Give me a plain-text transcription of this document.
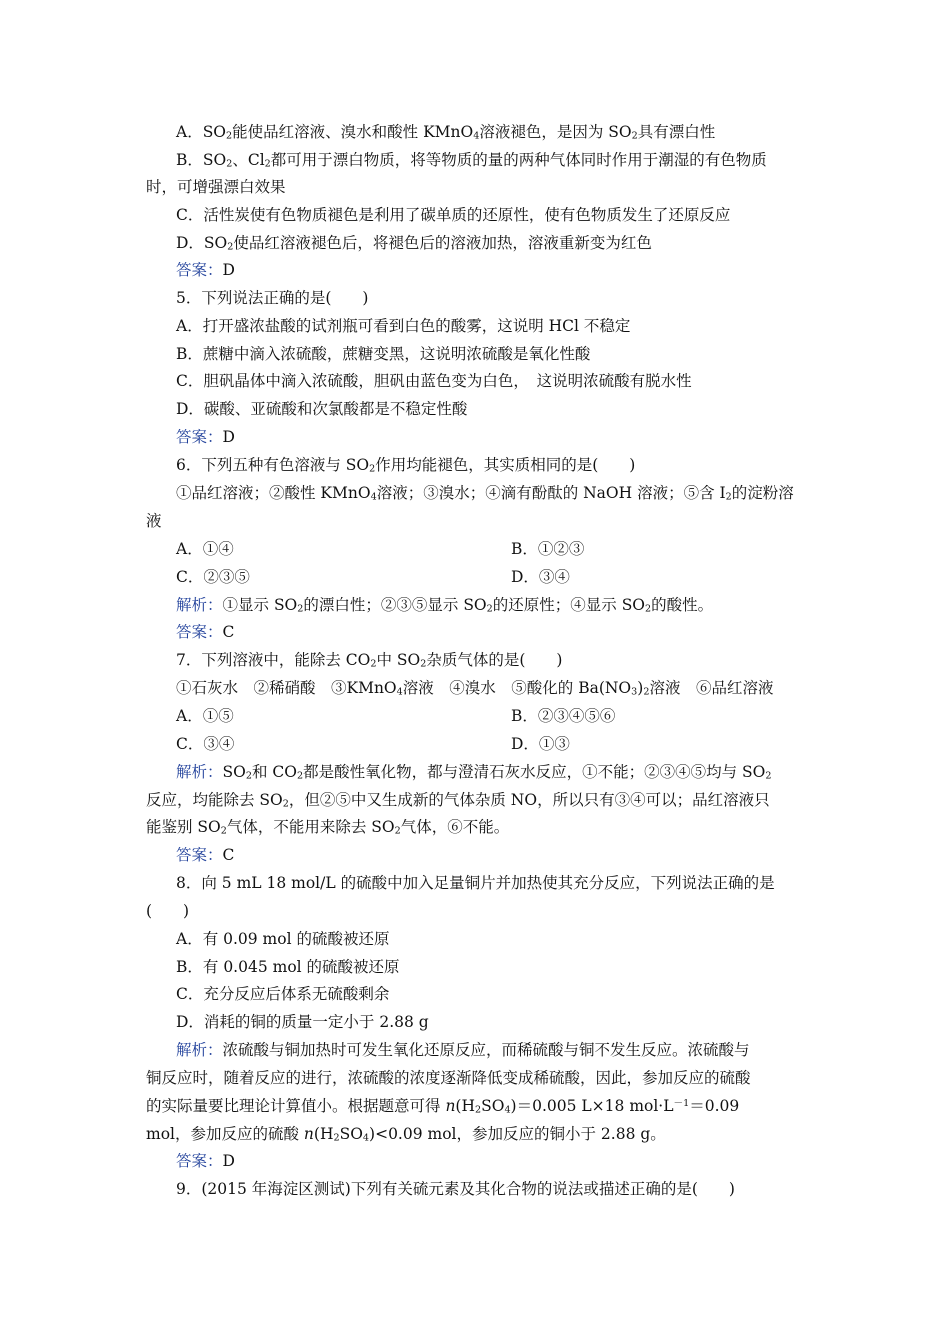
A．$SO_2$能使品红溶液、溴水和酸性 KMnO$_4$溶液褪色，是因为 $SO_2$具有漂白性
B．$SO_2$、$Cl_2$都可用于漂白物质，将等物质的量的两种气体同时作用于潮湿的有色物质
时，可增强漂白效果
C．活性炭使有色物质褪色是利用了碳单质的还原性，使有色物质发生了还原反应
D．$SO_2$使品红溶液褪色后，将褪色后的溶液加热，溶液重新变为红色
答案：D
5．下列说法正确的是(　　)
A．打开盛浓盐酸的试剂瓶可看到白色的酸雾，这说明 HCl 不稳定
B．蔗糖中滴入浓硫酸，蔗糖变黑，这说明浓硫酸是氧化性酸
C．胆矾晶体中滴入浓硫酸，胆矾由蓝色变为白色，　这说明浓硫酸有脱水性
D．碳酸、亚硫酸和次氯酸都是不稳定性酸
答案：D
6．下列五种有色溶液与 $SO_2$作用均能褪色，其实质相同的是(　　)
①品红溶液；②酸性 KMnO$_4$溶液；③溴水；④滴有酚酞的 NaOH 溶液；⑤含 $I_2$的淀粉溶
液
A．①④	B．①②③
C．②③⑤	D．③④
解析：①显示 $SO_2$的漂白性；②③⑤显示 $SO_2$的还原性；④显示 $SO_2$的酸性。
答案：C
7．下列溶液中，能除去 $CO_2$中 $SO_2$杂质气体的是(　　)
①石灰水　②稀硝酸　③KMnO$_4$溶液　④溴水　⑤酸化的 $Ba(NO_3)_2$溶液　⑥品红溶液
A．①⑤	B．②③④⑤⑥
C．③④	D．①③
解析：$SO_2$和 $CO_2$都是酸性氧化物，都与澄清石灰水反应，①不能；②③④⑤均与 $SO_2$
反应，均能除去 $SO_2$，但②⑤中又生成新的气体杂质 NO，所以只有③④可以；品红溶液只
能鉴别 $SO_2$气体，不能用来除去 $SO_2$气体，⑥不能。
答案：C
8．向 5 mL 18 mol/L 的硫酸中加入足量铜片并加热使其充分反应，下列说法正确的是
(　　)
A．有 0.09 mol 的硫酸被还原
B．有 0.045 mol 的硫酸被还原
C．充分反应后体系无硫酸剩余
D．消耗的铜的质量一定小于 2.88 g
解析：浓硫酸与铜加热时可发生氧化还原反应，而稀硫酸与铜不发生反应。浓硫酸与
铜反应时，随着反应的进行，浓硫酸的浓度逐渐降低变成稀硫酸，因此，参加反应的硫酸
的实际量要比理论计算值小。根据题意可得 $n(H_2SO_4)=0.005$ L×18 $mol\cdot L^{-1}=0.09$
mol，参加反应的硫酸 $n(H_2SO_4)<0.09$ mol，参加反应的铜小于 2.88 g。
答案：D
9．(2015 年海淀区测试)下列有关硫元素及其化合物的说法或描述正确的是(　　)
